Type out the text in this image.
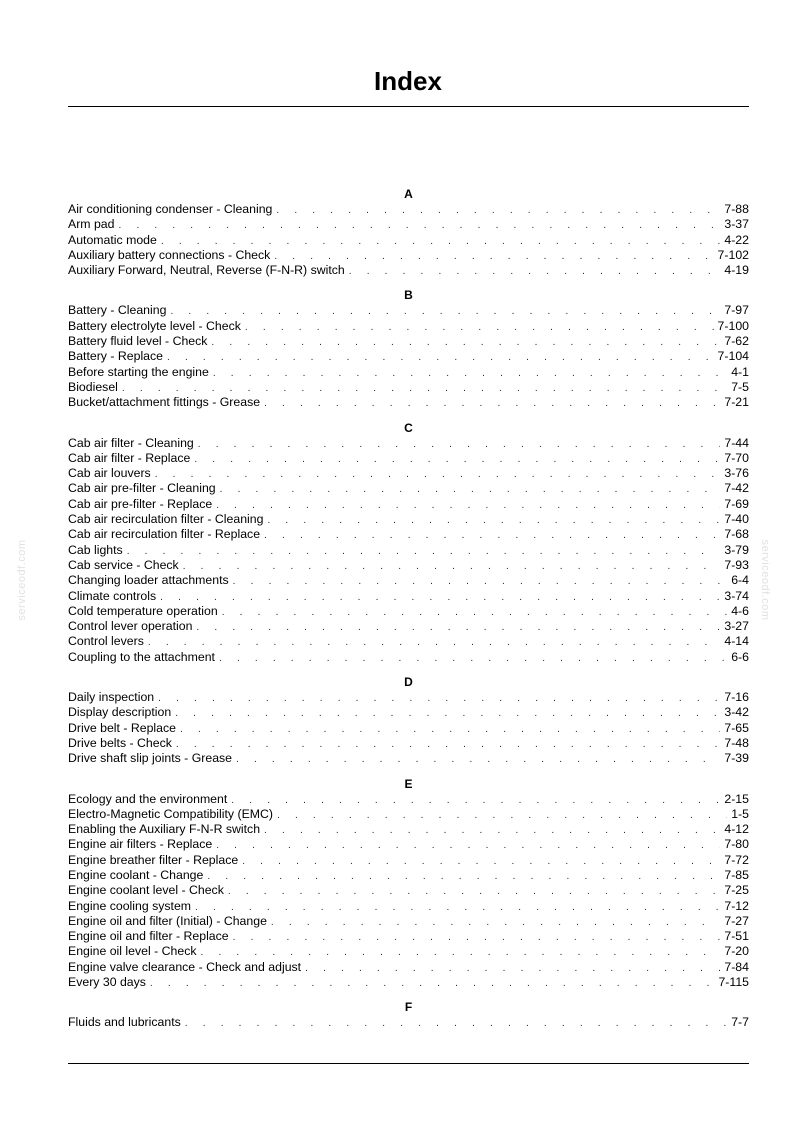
Index
serviceodf.com	serviceodf.com
A
Air conditioning condenser - Cleaning . . .	7-88
Arm pad . . .	3-37
Automatic mode . . .	4-22
Auxiliary battery connections - Check . . .	7-102
Auxiliary Forward, Neutral, Reverse (F-N-R) switch . . .	4-19
B
Battery - Cleaning . . .	7-97
Battery electrolyte level - Check . . .	7-100
Battery fluid level - Check . . .	7-62
Battery - Replace . . .	7-104
Before starting the engine . . .	4-1
Biodiesel . . .	7-5
Bucket/attachment fittings - Grease . . .	7-21
C
Cab air filter - Cleaning . . .	7-44
Cab air filter - Replace . . .	7-70
Cab air louvers . . .	3-76
Cab air pre-filter - Cleaning . . .	7-42
Cab air pre-filter - Replace . . .	7-69
Cab air recirculation filter - Cleaning . . .	7-40
Cab air recirculation filter - Replace . . .	7-68
Cab lights . . .	3-79
Cab service - Check . . .	7-93
Changing loader attachments . . .	6-4
Climate controls . . .	3-74
Cold temperature operation . . .	4-6
Control lever operation . . .	3-27
Control levers . . .	4-14
Coupling to the attachment . . .	6-6
D
Daily inspection . . .	7-16
Display description . . .	3-42
Drive belt - Replace . . .	7-65
Drive belts - Check . . .	7-48
Drive shaft slip joints - Grease . . .	7-39
E
Ecology and the environment . . .	2-15
Electro-Magnetic Compatibility (EMC) . . .	1-5
Enabling the Auxiliary F-N-R switch . . .	4-12
Engine air filters - Replace . . .	7-80
Engine breather filter - Replace . . .	7-72
Engine coolant - Change . . .	7-85
Engine coolant level - Check . . .	7-25
Engine cooling system . . .	7-12
Engine oil and filter (Initial) - Change . . .	7-27
Engine oil and filter - Replace . . .	7-51
Engine oil level - Check . . .	7-20
Engine valve clearance - Check and adjust . . .	7-84
Every 30 days . . .	7-115
F
Fluids and lubricants . . .	7-7
